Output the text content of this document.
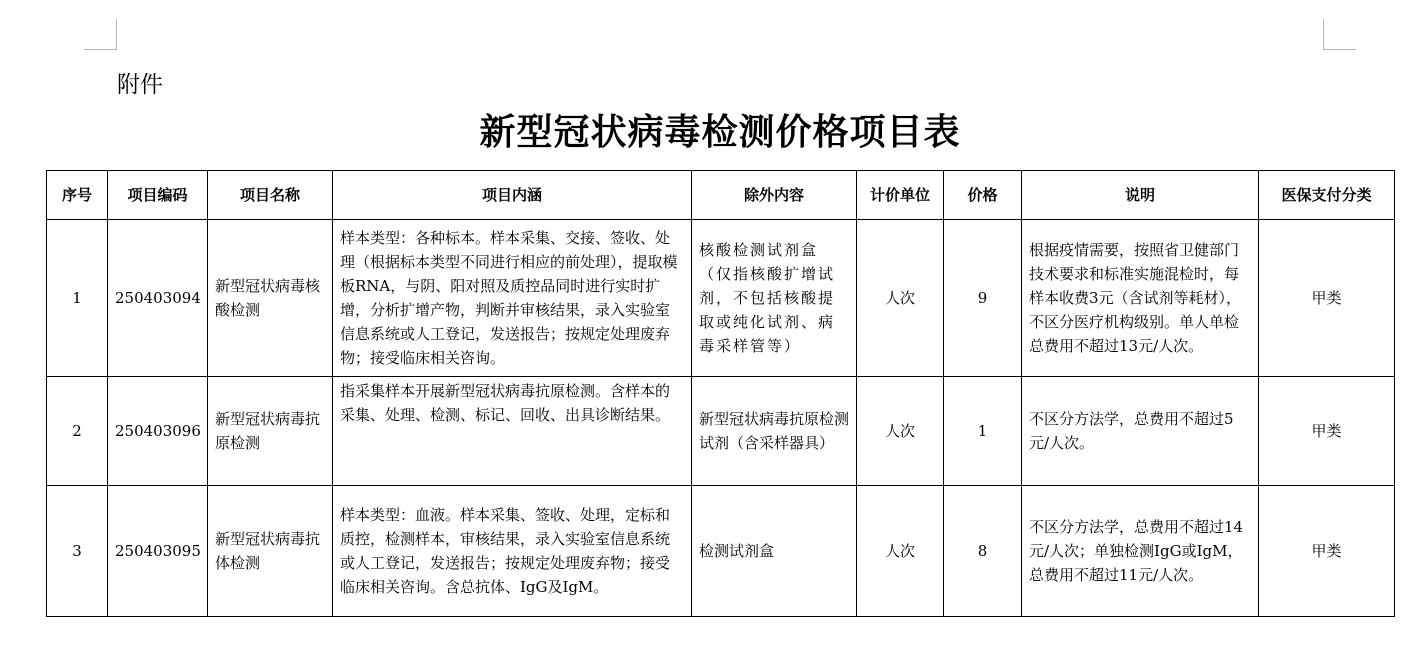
附件
新型冠状病毒检测价格项目表
序号	项目编码	项目名称	项目内涵	除外内容	计价单位	价格	说明	医保支付分类
1	250403094	新型冠状病毒核酸检测	样本类型：各种标本。样本采集、交接、签收、处理（根据标本类型不同进行相应的前处理），提取模板RNA，与阴、阳对照及质控品同时进行实时扩增，分析扩增产物，判断并审核结果，录入实验室信息系统或人工登记，发送报告；按规定处理废弃物；接受临床相关咨询。	核酸检测试剂盒（仅指核酸扩增试剂，不包括核酸提取或纯化试剂、病毒采样管等）	人次	9	根据疫情需要，按照省卫健部门技术要求和标准实施混检时，每样本收费3元（含试剂等耗材），不区分医疗机构级别。单人单检总费用不超过13元/人次。	甲类
2	250403096	新型冠状病毒抗原检测	指采集样本开展新型冠状病毒抗原检测。含样本的采集、处理、检测、标记、回收、出具诊断结果。	新型冠状病毒抗原检测试剂（含采样器具）	人次	1	不区分方法学，总费用不超过5元/人次。	甲类
3	250403095	新型冠状病毒抗体检测	样本类型：血液。样本采集、签收、处理，定标和质控，检测样本，审核结果，录入实验室信息系统或人工登记，发送报告；按规定处理废弃物；接受临床相关咨询。含总抗体、IgG及IgM。	检测试剂盒	人次	8	不区分方法学，总费用不超过14元/人次；单独检测IgG或IgM，总费用不超过11元/人次。	甲类
